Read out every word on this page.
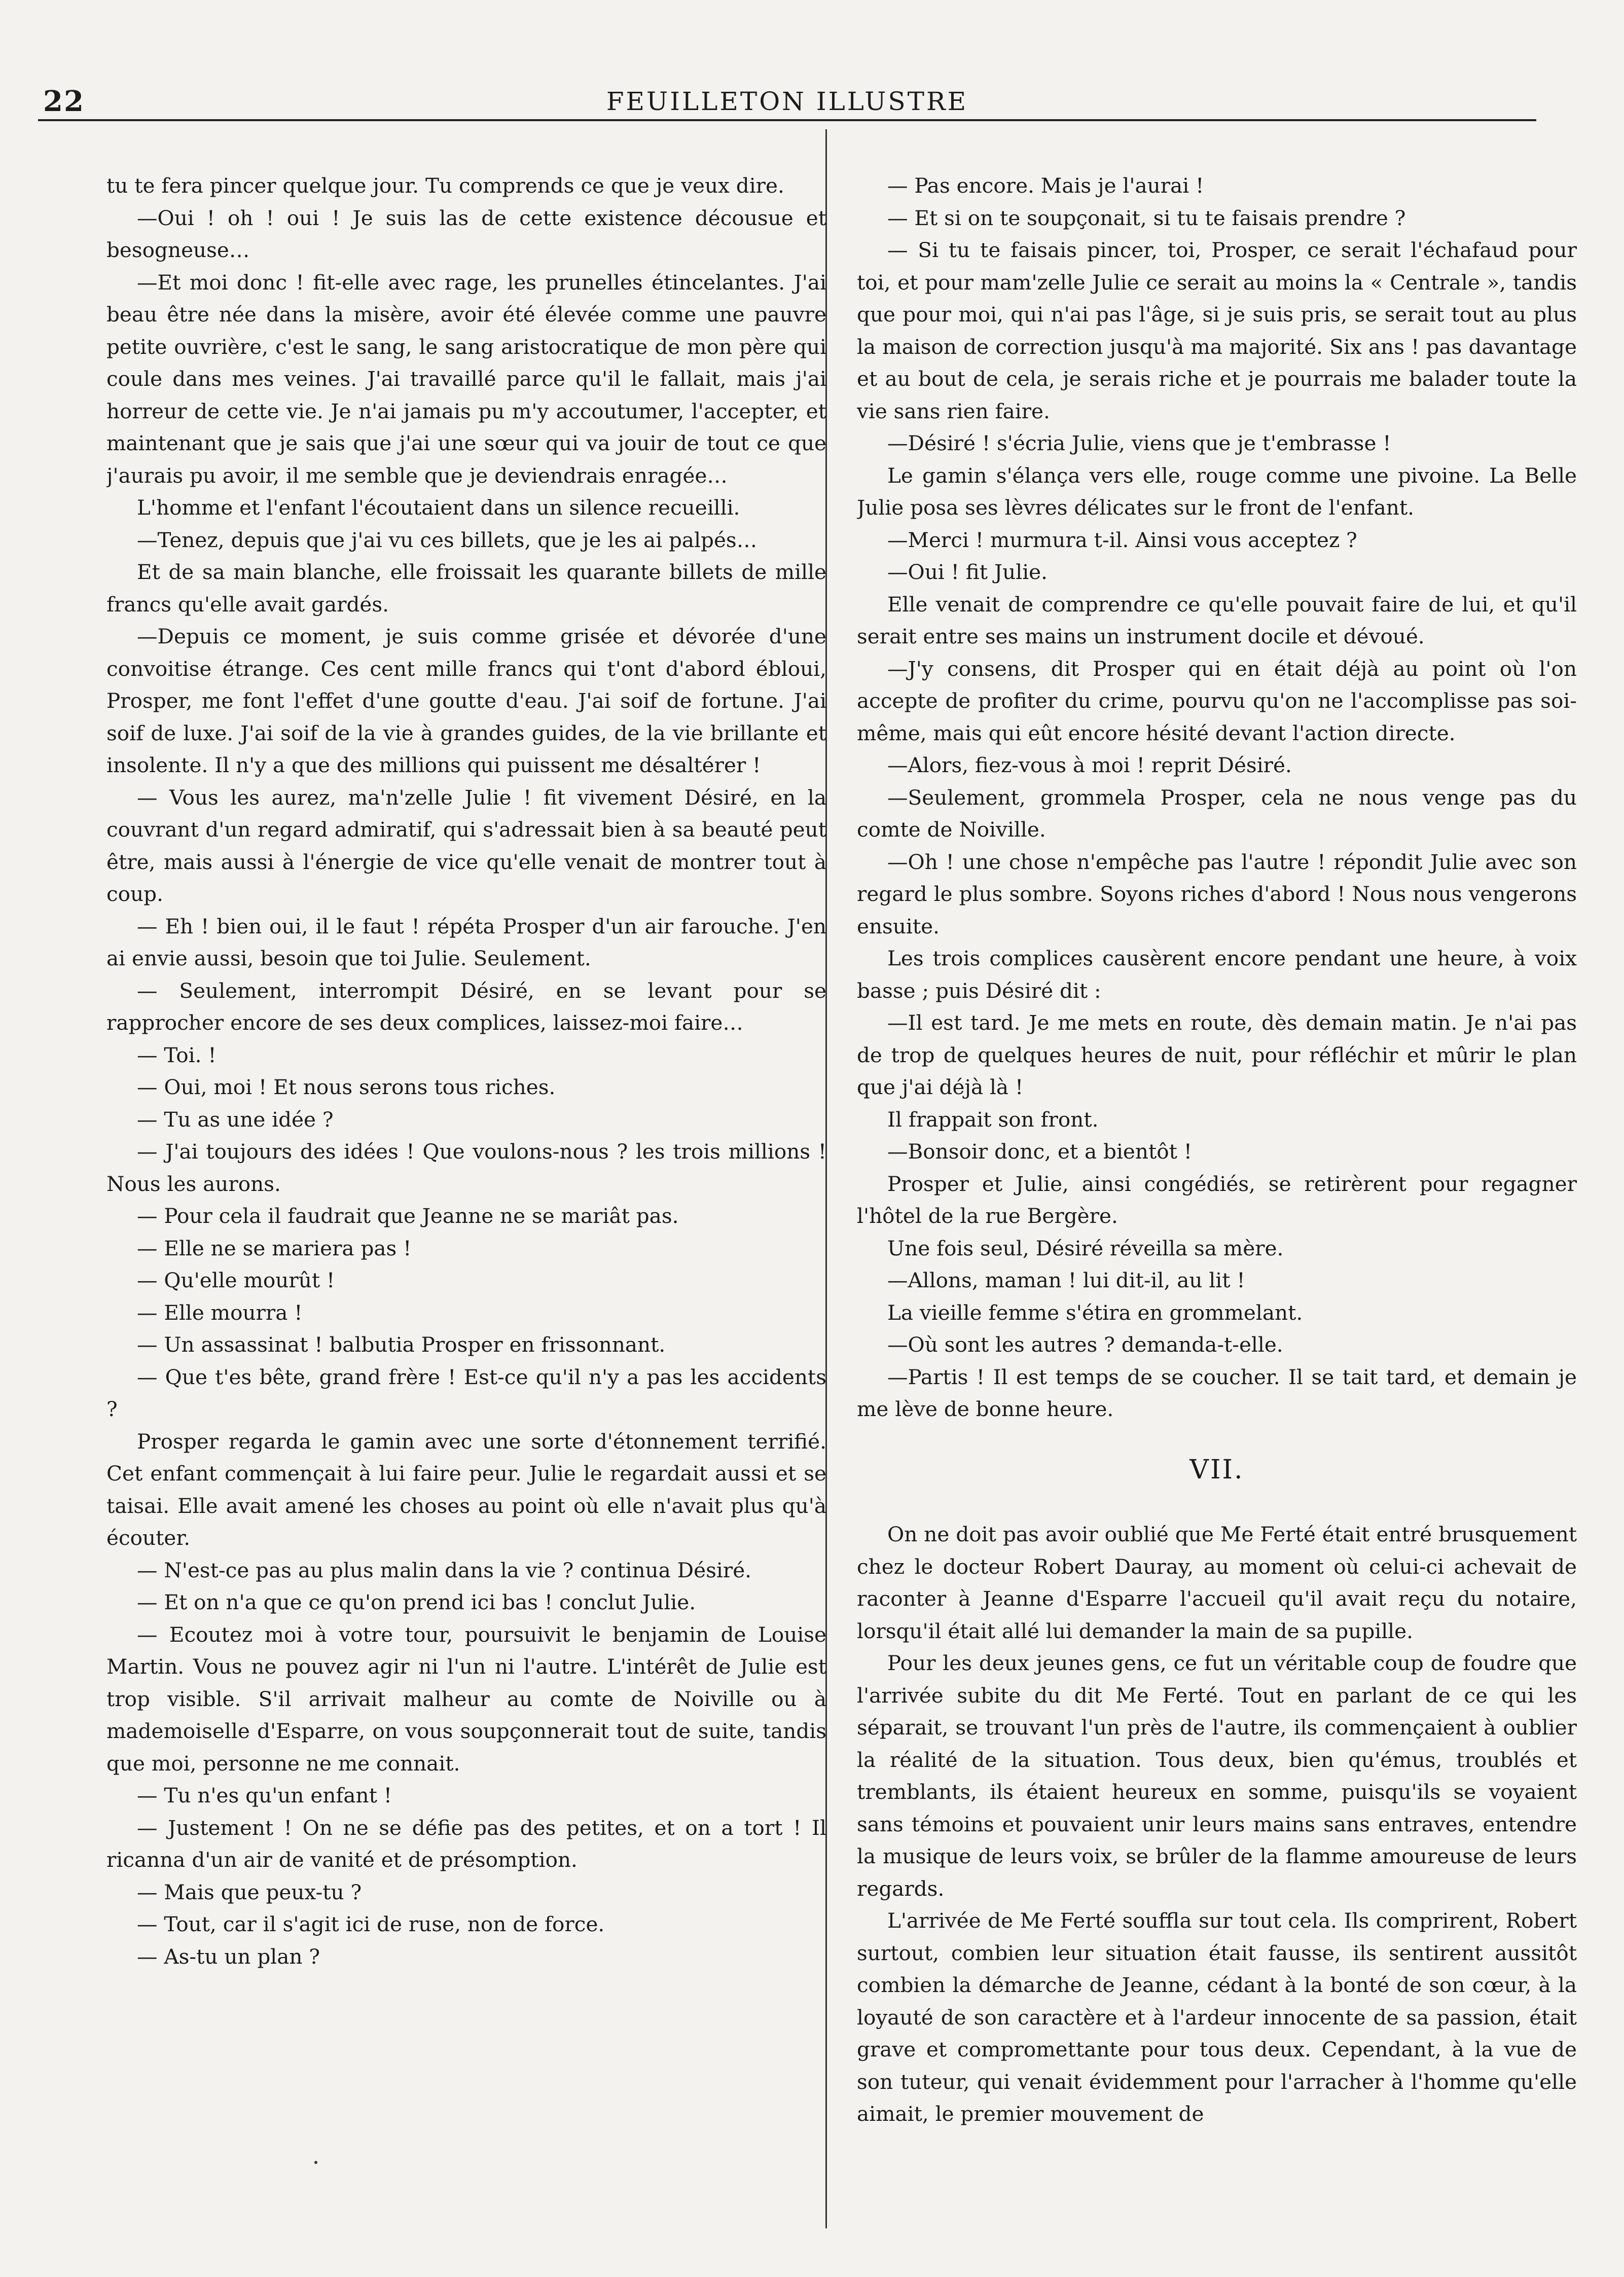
22	FEUILLETON ILLUSTRE

tu te fera pincer quelque jour. Tu comprends ce que je veux dire.

—Oui ! oh ! oui ! Je suis las de cette existence décousue et besogneuse…

—Et moi donc ! fit-elle avec rage, les prunelles étincelantes. J'ai beau être née dans la misère, avoir été élevée comme une pauvre petite ouvrière, c'est le sang, le sang aristocratique de mon père qui coule dans mes veines. J'ai travaillé parce qu'il le fallait, mais j'ai horreur de cette vie. Je n'ai jamais pu m'y accoutumer, l'accepter, et maintenant que je sais que j'ai une sœur qui va jouir de tout ce que j'aurais pu avoir, il me semble que je deviendrais enragée…

L'homme et l'enfant l'écoutaient dans un silence recueilli.

—Tenez, depuis que j'ai vu ces billets, que je les ai palpés…

Et de sa main blanche, elle froissait les quarante billets de mille francs qu'elle avait gardés.

—Depuis ce moment, je suis comme grisée et dévorée d'une convoitise étrange. Ces cent mille francs qui t'ont d'abord ébloui, Prosper, me font l'effet d'une goutte d'eau. J'ai soif de fortune. J'ai soif de luxe. J'ai soif de la vie à grandes guides, de la vie brillante et insolente. Il n'y a que des millions qui puissent me désaltérer !

— Vous les aurez, ma'n'zelle Julie ! fit vivement Désiré, en la couvrant d'un regard admiratif, qui s'adressait bien à sa beauté peut être, mais aussi à l'énergie de vice qu'elle venait de montrer tout à coup.

— Eh ! bien oui, il le faut ! répéta Prosper d'un air farouche. J'en ai envie aussi, besoin que toi Julie. Seulement.

— Seulement, interrompit Désiré, en se levant pour se rapprocher encore de ses deux complices, laissez-moi faire…

— Toi. !

— Oui, moi ! Et nous serons tous riches.

— Tu as une idée ?

— J'ai toujours des idées ! Que voulons-nous ? les trois millions ! Nous les aurons.

— Pour cela il faudrait que Jeanne ne se mariât pas.

— Elle ne se mariera pas !

— Qu'elle mourût !

— Elle mourra !

— Un assassinat ! balbutia Prosper en frissonnant.

— Que t'es bête, grand frère ! Est-ce qu'il n'y a pas les accidents ?

Prosper regarda le gamin avec une sorte d'étonnement terrifié. Cet enfant commençait à lui faire peur. Julie le regardait aussi et se taisai. Elle avait amené les choses au point où elle n'avait plus qu'à écouter.

— N'est-ce pas au plus malin dans la vie ? continua Désiré.

— Et on n'a que ce qu'on prend ici bas ! conclut Julie.

— Ecoutez moi à votre tour, poursuivit le benjamin de Louise Martin. Vous ne pouvez agir ni l'un ni l'autre. L'intérêt de Julie est trop visible. S'il arrivait malheur au comte de Noiville ou à mademoiselle d'Esparre, on vous soupçonnerait tout de suite, tandis que moi, personne ne me connait.

— Tu n'es qu'un enfant !

— Justement ! On ne se défie pas des petites, et on a tort ! Il ricanna d'un air de vanité et de présomption.

— Mais que peux-tu ?

— Tout, car il s'agit ici de ruse, non de force.

— As-tu un plan ?

— Pas encore. Mais je l'aurai !

— Et si on te soupçonait, si tu te faisais prendre ?

— Si tu te faisais pincer, toi, Prosper, ce serait l'échafaud pour toi, et pour mam'zelle Julie ce serait au moins la « Centrale », tandis que pour moi, qui n'ai pas l'âge, si je suis pris, se serait tout au plus la maison de correction jusqu'à ma majorité. Six ans ! pas davantage et au bout de cela, je serais riche et je pourrais me balader toute la vie sans rien faire.

—Désiré ! s'écria Julie, viens que je t'embrasse !

Le gamin s'élança vers elle, rouge comme une pivoine. La Belle Julie posa ses lèvres délicates sur le front de l'enfant.

—Merci ! murmura t-il. Ainsi vous acceptez ?

—Oui ! fit Julie.

Elle venait de comprendre ce qu'elle pouvait faire de lui, et qu'il serait entre ses mains un instrument docile et dévoué.

—J'y consens, dit Prosper qui en était déjà au point où l'on accepte de profiter du crime, pourvu qu'on ne l'accomplisse pas soi-même, mais qui eût encore hésité devant l'action directe.

—Alors, fiez-vous à moi ! reprit Désiré.

—Seulement, grommela Prosper, cela ne nous venge pas du comte de Noiville.

—Oh ! une chose n'empêche pas l'autre ! répondit Julie avec son regard le plus sombre. Soyons riches d'abord ! Nous nous vengerons ensuite.

Les trois complices causèrent encore pendant une heure, à voix basse ; puis Désiré dit :

—Il est tard. Je me mets en route, dès demain matin. Je n'ai pas de trop de quelques heures de nuit, pour réfléchir et mûrir le plan que j'ai déjà là !

Il frappait son front.

—Bonsoir donc, et a bientôt !

Prosper et Julie, ainsi congédiés, se retirèrent pour regagner l'hôtel de la rue Bergère.

Une fois seul, Désiré réveilla sa mère.

—Allons, maman ! lui dit-il, au lit !

La vieille femme s'étira en grommelant.

—Où sont les autres ? demanda-t-elle.

—Partis ! Il est temps de se coucher. Il se tait tard, et demain je me lève de bonne heure.

VII.

On ne doit pas avoir oublié que Me Ferté était entré brusquement chez le docteur Robert Dauray, au moment où celui-ci achevait de raconter à Jeanne d'Esparre l'accueil qu'il avait reçu du notaire, lorsqu'il était allé lui demander la main de sa pupille.

Pour les deux jeunes gens, ce fut un véritable coup de foudre que l'arrivée subite du dit Me Ferté. Tout en parlant de ce qui les séparait, se trouvant l'un près de l'autre, ils commençaient à oublier la réalité de la situation. Tous deux, bien qu'émus, troublés et tremblants, ils étaient heureux en somme, puisqu'ils se voyaient sans témoins et pouvaient unir leurs mains sans entraves, entendre la musique de leurs voix, se brûler de la flamme amoureuse de leurs regards.

L'arrivée de Me Ferté souffla sur tout cela. Ils comprirent, Robert surtout, combien leur situation était fausse, ils sentirent aussitôt combien la démarche de Jeanne, cédant à la bonté de son cœur, à la loyauté de son caractère et à l'ardeur innocente de sa passion, était grave et compromettante pour tous deux. Cependant, à la vue de son tuteur, qui venait évidemment pour l'arracher à l'homme qu'elle aimait, le premier mouvement de
